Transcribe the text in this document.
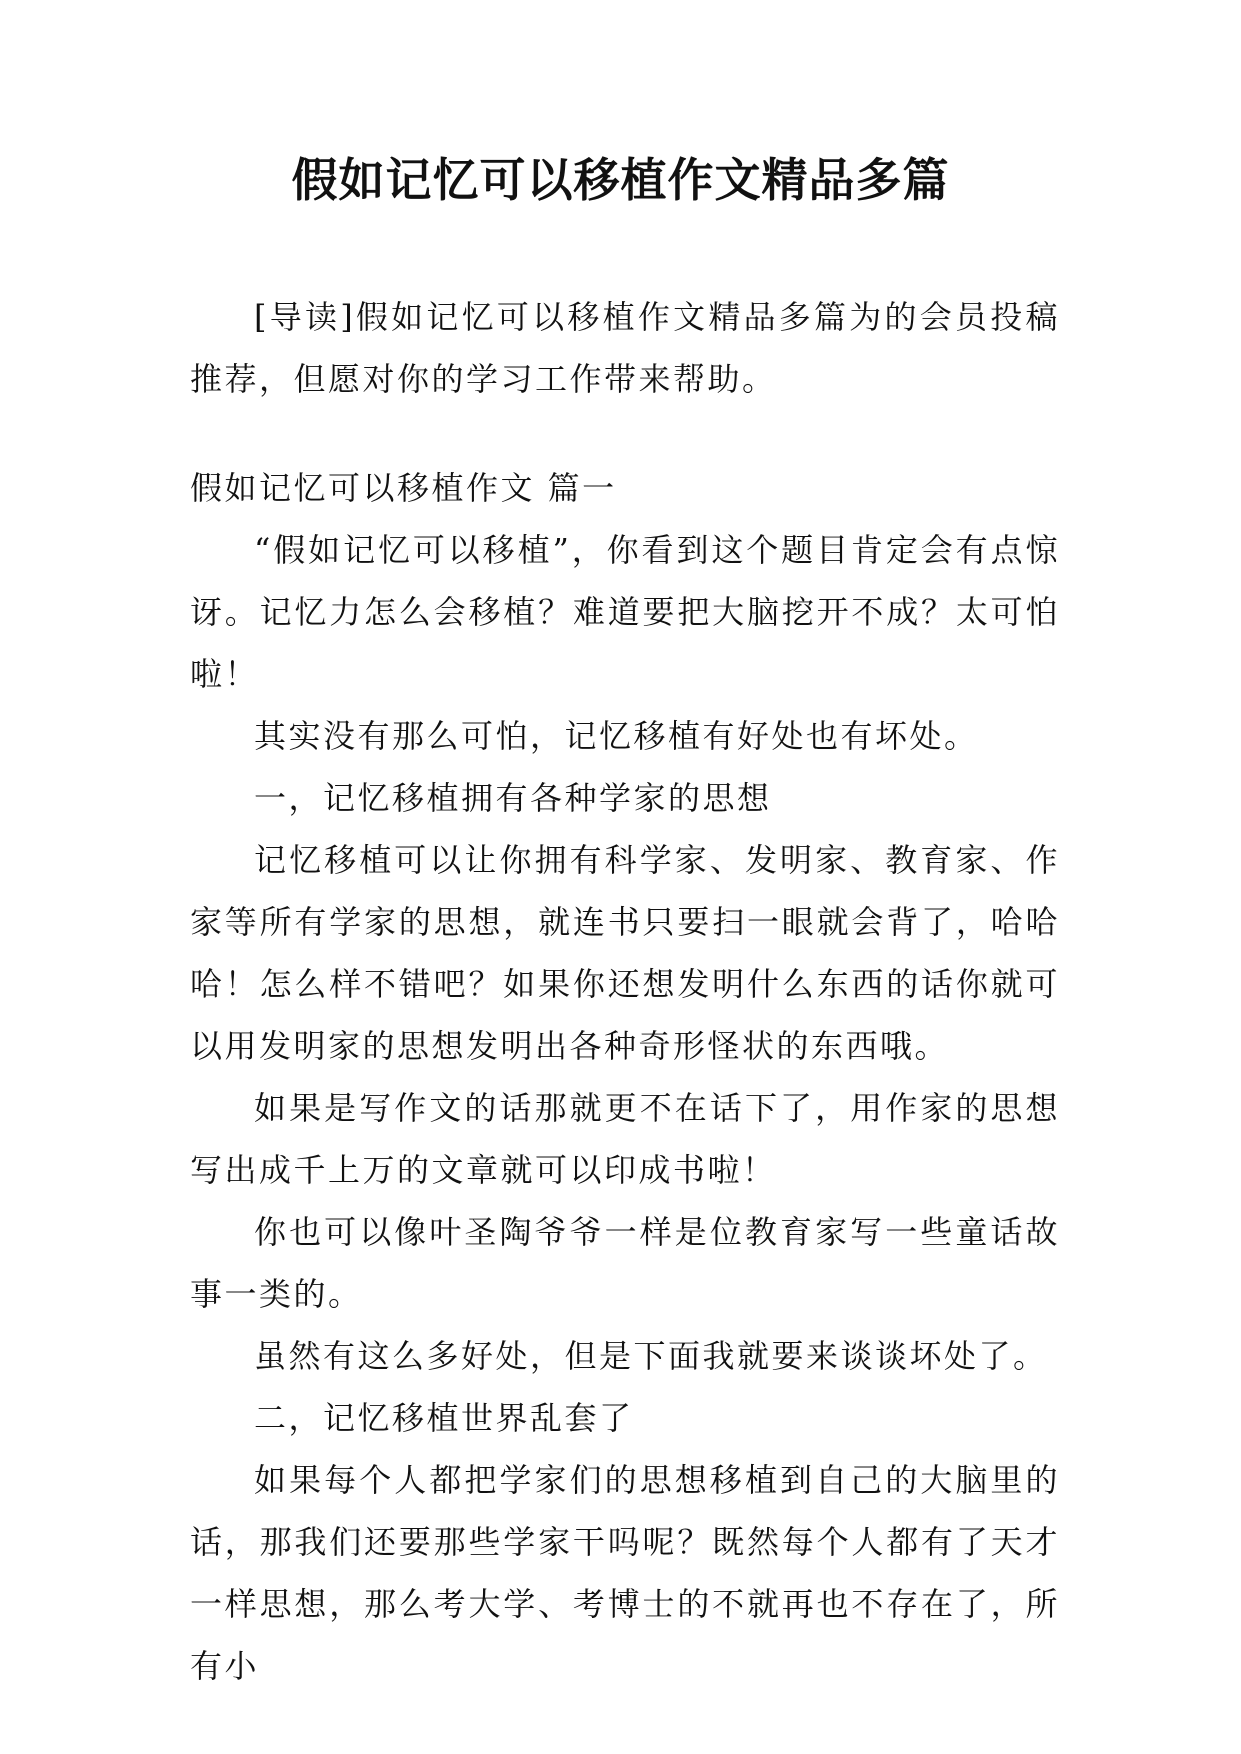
假如记忆可以移植作文精品多篇

[导读]假如记忆可以移植作文精品多篇为的会员投稿推荐，但愿对你的学习工作带来帮助。

假如记忆可以移植作文 篇一

“假如记忆可以移植”，你看到这个题目肯定会有点惊讶。记忆力怎么会移植？难道要把大脑挖开不成？太可怕啦！

其实没有那么可怕，记忆移植有好处也有坏处。

一，记忆移植拥有各种学家的思想

记忆移植可以让你拥有科学家、发明家、教育家、作家等所有学家的思想，就连书只要扫一眼就会背了，哈哈哈！怎么样不错吧？如果你还想发明什么东西的话你就可以用发明家的思想发明出各种奇形怪状的东西哦。

如果是写作文的话那就更不在话下了，用作家的思想写出成千上万的文章就可以印成书啦！

你也可以像叶圣陶爷爷一样是位教育家写一些童话故事一类的。

虽然有这么多好处，但是下面我就要来谈谈坏处了。

二，记忆移植世界乱套了

如果每个人都把学家们的思想移植到自己的大脑里的话，那我们还要那些学家干吗呢？既然每个人都有了天才一样思想，那么考大学、考博士的不就再也不存在了，所有小
